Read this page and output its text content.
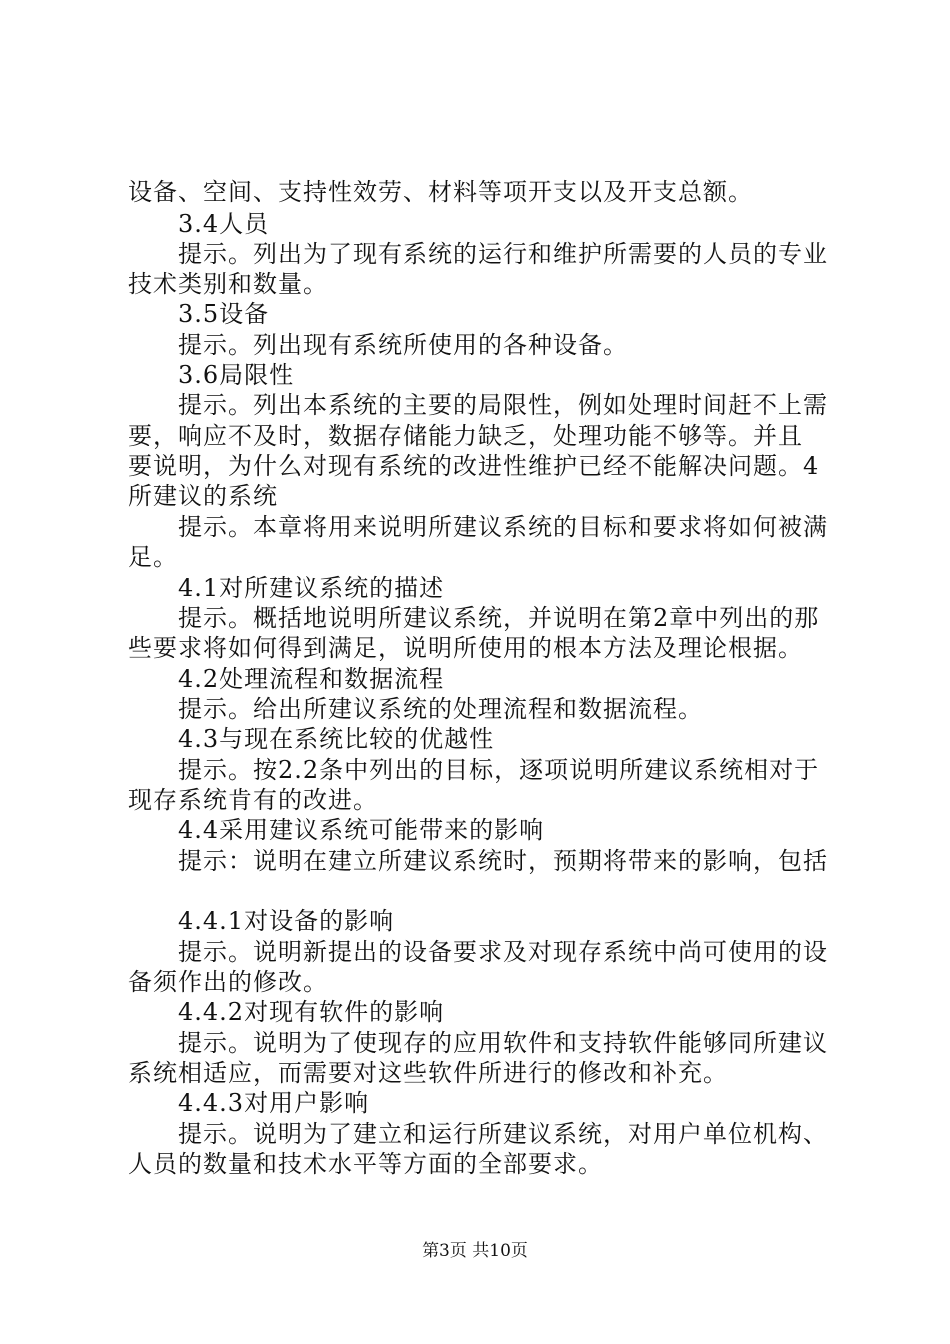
设备、空间、支持性效劳、材料等项开支以及开支总额。
3.4人员
提示。列出为了现有系统的运行和维护所需要的人员的专业
技术类别和数量。
3.5设备
提示。列出现有系统所使用的各种设备。
3.6局限性
提示。列出本系统的主要的局限性，例如处理时间赶不上需
要，响应不及时，数据存储能力缺乏，处理功能不够等。并且
要说明，为什么对现有系统的改进性维护已经不能解决问题。4
所建议的系统
提示。本章将用来说明所建议系统的目标和要求将如何被满
足。
4.1对所建议系统的描述
提示。概括地说明所建议系统，并说明在第2章中列出的那
些要求将如何得到满足，说明所使用的根本方法及理论根据。
4.2处理流程和数据流程
提示。给出所建议系统的处理流程和数据流程。
4.3与现在系统比较的优越性
提示。按2.2条中列出的目标，逐项说明所建议系统相对于
现存系统肯有的改进。
4.4采用建议系统可能带来的影响
提示：说明在建立所建议系统时，预期将带来的影响，包括
4.4.1对设备的影响
提示。说明新提出的设备要求及对现存系统中尚可使用的设
备须作出的修改。
4.4.2对现有软件的影响
提示。说明为了使现存的应用软件和支持软件能够同所建议
系统相适应，而需要对这些软件所进行的修改和补充。
4.4.3对用户影响
提示。说明为了建立和运行所建议系统，对用户单位机构、
人员的数量和技术水平等方面的全部要求。
第3页 共10页
